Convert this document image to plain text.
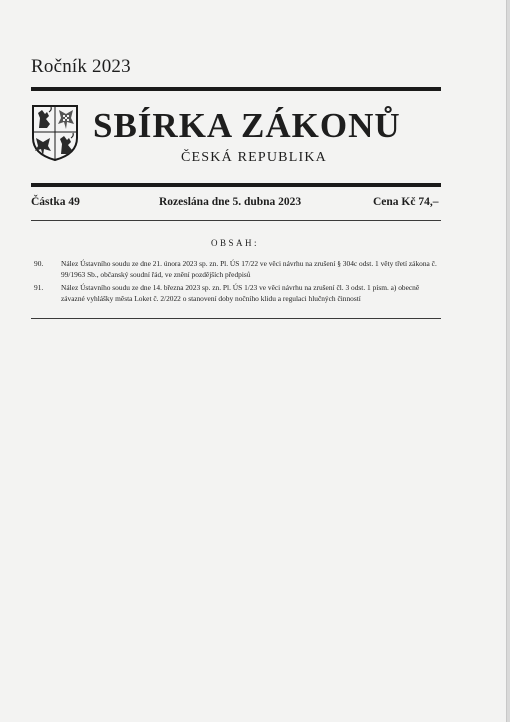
Ročník 2023
SBÍRKA ZÁKONŮ
ČESKÁ REPUBLIKA
Částka 49	Rozeslána dne 5. dubna 2023	Cena Kč 74,–
OBSAH:
90.	Nález Ústavního soudu ze dne 21. února 2023 sp. zn. Pl. ÚS 17/22 ve věci návrhu na zrušení § 304c odst. 1 věty třetí zákona č. 99/1963 Sb., občanský soudní řád, ve znění pozdějších předpisů
91.	Nález Ústavního soudu ze dne 14. března 2023 sp. zn. Pl. ÚS 1/23 ve věci návrhu na zrušení čl. 3 odst. 1 písm. a) obecně závazné vyhlášky města Loket č. 2/2022 o stanovení doby nočního klidu a regulaci hlučných činností
